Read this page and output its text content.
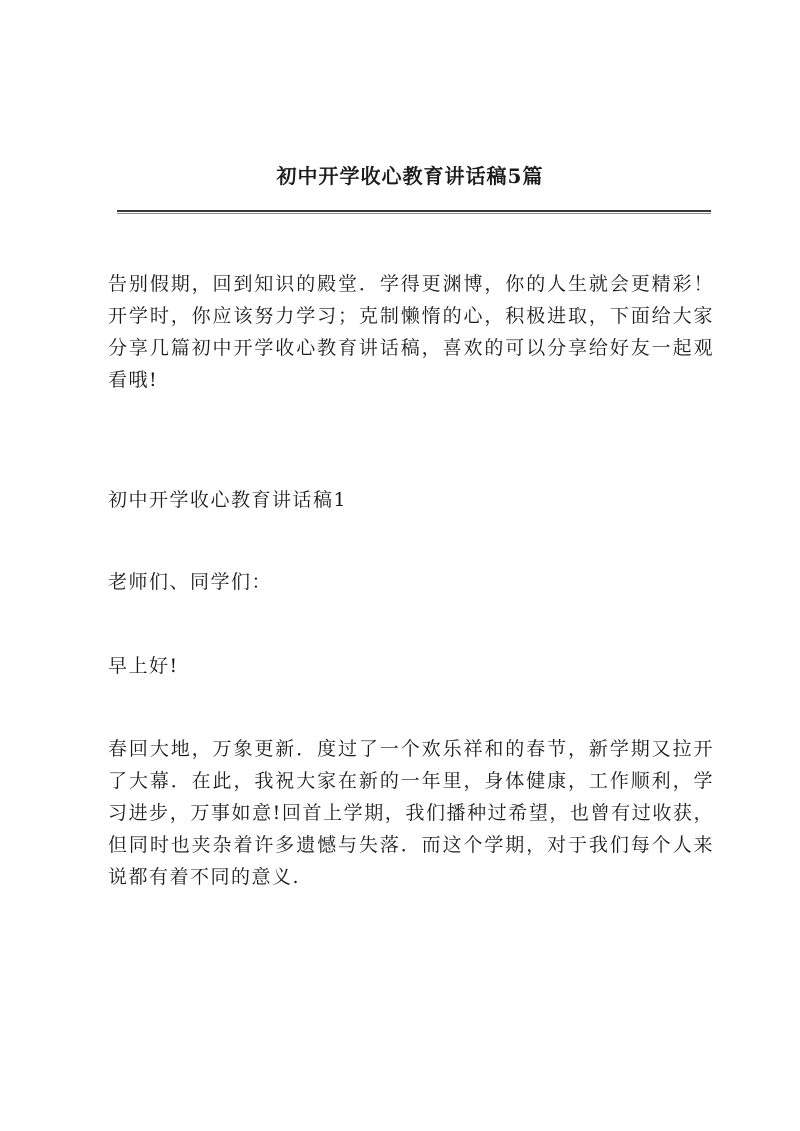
初中开学收心教育讲话稿5篇

告别假期，回到知识的殿堂．学得更渊博，你的人生就会更精彩！开学时，你应该努力学习；克制懒惰的心，积极进取，下面给大家分享几篇初中开学收心教育讲话稿，喜欢的可以分享给好友一起观看哦!

初中开学收心教育讲话稿1

老师们、同学们：

早上好!

春回大地，万象更新．度过了一个欢乐祥和的春节，新学期又拉开了大幕．在此，我祝大家在新的一年里，身体健康，工作顺利，学习进步，万事如意!回首上学期，我们播种过希望，也曾有过收获，但同时也夹杂着许多遗憾与失落．而这个学期，对于我们每个人来说都有着不同的意义.
